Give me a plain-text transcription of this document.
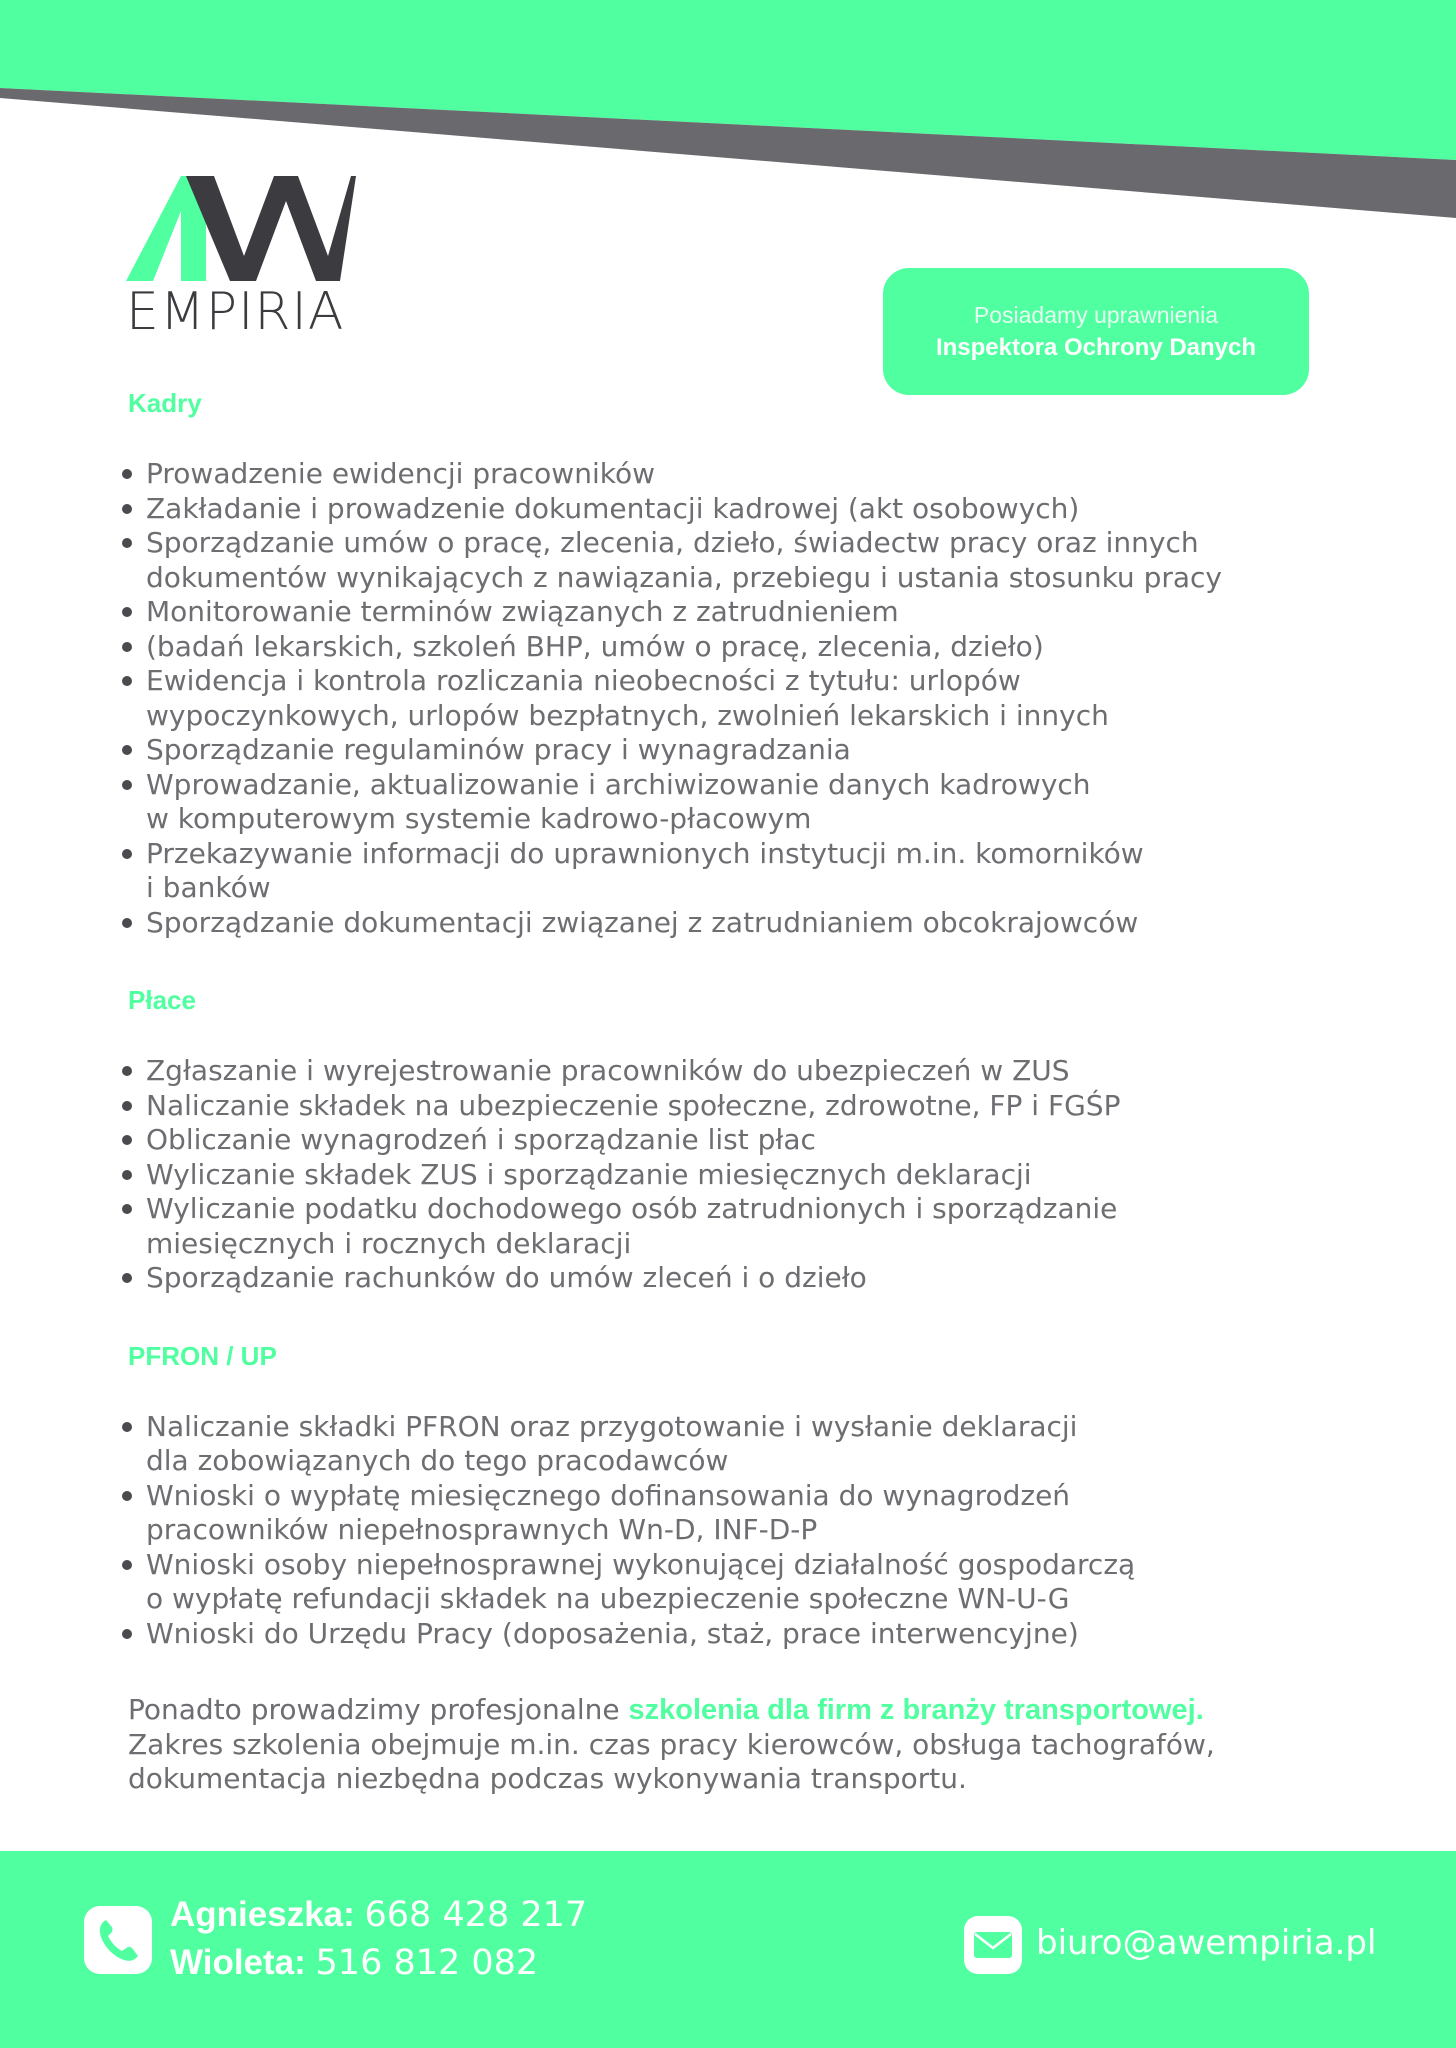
EMPIRIA	Posiadamy uprawnienia
Inspektora Ochrony Danych
Kadry
Prowadzenie ewidencji pracowników
Zakładanie i prowadzenie dokumentacji kadrowej (akt osobowych)
Sporządzanie umów o pracę, zlecenia, dzieło, świadectw pracy oraz innych
dokumentów wynikających z nawiązania, przebiegu i ustania stosunku pracy
Monitorowanie terminów związanych z zatrudnieniem
(badań lekarskich, szkoleń BHP, umów o pracę, zlecenia, dzieło)
Ewidencja i kontrola rozliczania nieobecności z tytułu: urlopów
wypoczynkowych, urlopów bezpłatnych, zwolnień lekarskich i innych
Sporządzanie regulaminów pracy i wynagradzania
Wprowadzanie, aktualizowanie i archiwizowanie danych kadrowych
w komputerowym systemie kadrowo-płacowym
Przekazywanie informacji do uprawnionych instytucji m.in. komorników
i banków
Sporządzanie dokumentacji związanej z zatrudnianiem obcokrajowców
Płace
Zgłaszanie i wyrejestrowanie pracowników do ubezpieczeń w ZUS
Naliczanie składek na ubezpieczenie społeczne, zdrowotne, FP i FGŚP
Obliczanie wynagrodzeń i sporządzanie list płac
Wyliczanie składek ZUS i sporządzanie miesięcznych deklaracji
Wyliczanie podatku dochodowego osób zatrudnionych i sporządzanie
miesięcznych i rocznych deklaracji
Sporządzanie rachunków do umów zleceń i o dzieło
PFRON / UP
Naliczanie składki PFRON oraz przygotowanie i wysłanie deklaracji
dla zobowiązanych do tego pracodawców
Wnioski o wypłatę miesięcznego dofinansowania do wynagrodzeń
pracowników niepełnosprawnych Wn-D, INF-D-P
Wnioski osoby niepełnosprawnej wykonującej działalność gospodarczą
o wypłatę refundacji składek na ubezpieczenie społeczne WN-U-G
Wnioski do Urzędu Pracy (doposażenia, staż, prace interwencyjne)
Ponadto prowadzimy profesjonalne szkolenia dla firm z branży transportowej.
Zakres szkolenia obejmuje m.in. czas pracy kierowców, obsługa tachografów,
dokumentacja niezbędna podczas wykonywania transportu.
Agnieszka: 668 428 217
Wioleta: 516 812 082	biuro@awempiria.pl
